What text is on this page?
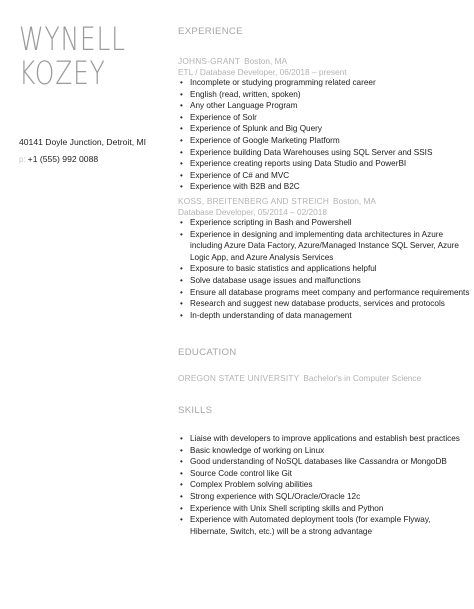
WYNELL
KOZEY
40141 Doyle Junction, Detroit, MI
p: +1 (555) 992 0088
EXPERIENCE
JOHNS-GRANT Boston, MA
ETL / Database Developer, 06/2018 – present
• Incomplete or studying programming related career
• English (read, written, spoken)
• Any other Language Program
• Experience of Solr
• Experience of Splunk and Big Query
• Experience of Google Marketing Platform
• Experience building Data Warehouses using SQL Server and SSIS
• Experience creating reports using Data Studio and PowerBI
• Experience of C# and MVC
• Experience with B2B and B2C
KOSS, BREITENBERG AND STREICH Boston, MA
Database Developer, 05/2014 – 02/2018
• Experience scripting in Bash and Powershell
• Experience in designing and implementing data architectures in Azure including Azure Data Factory, Azure/Managed Instance SQL Server, Azure Logic App, and Azure Analysis Services
• Exposure to basic statistics and applications helpful
• Solve database usage issues and malfunctions
• Ensure all database programs meet company and performance requirements
• Research and suggest new database products, services and protocols
• In-depth understanding of data management
EDUCATION
OREGON STATE UNIVERSITY Bachelor's in Computer Science
SKILLS
• Liaise with developers to improve applications and establish best practices
• Basic knowledge of working on Linux
• Good understanding of NoSQL databases like Cassandra or MongoDB
• Source Code control like Git
• Complex Problem solving abilities
• Strong experience with SQL/Oracle/Oracle 12c
• Experience with Unix Shell scripting skills and Python
• Experience with Automated deployment tools (for example Flyway, Hibernate, Switch, etc.) will be a strong advantage
